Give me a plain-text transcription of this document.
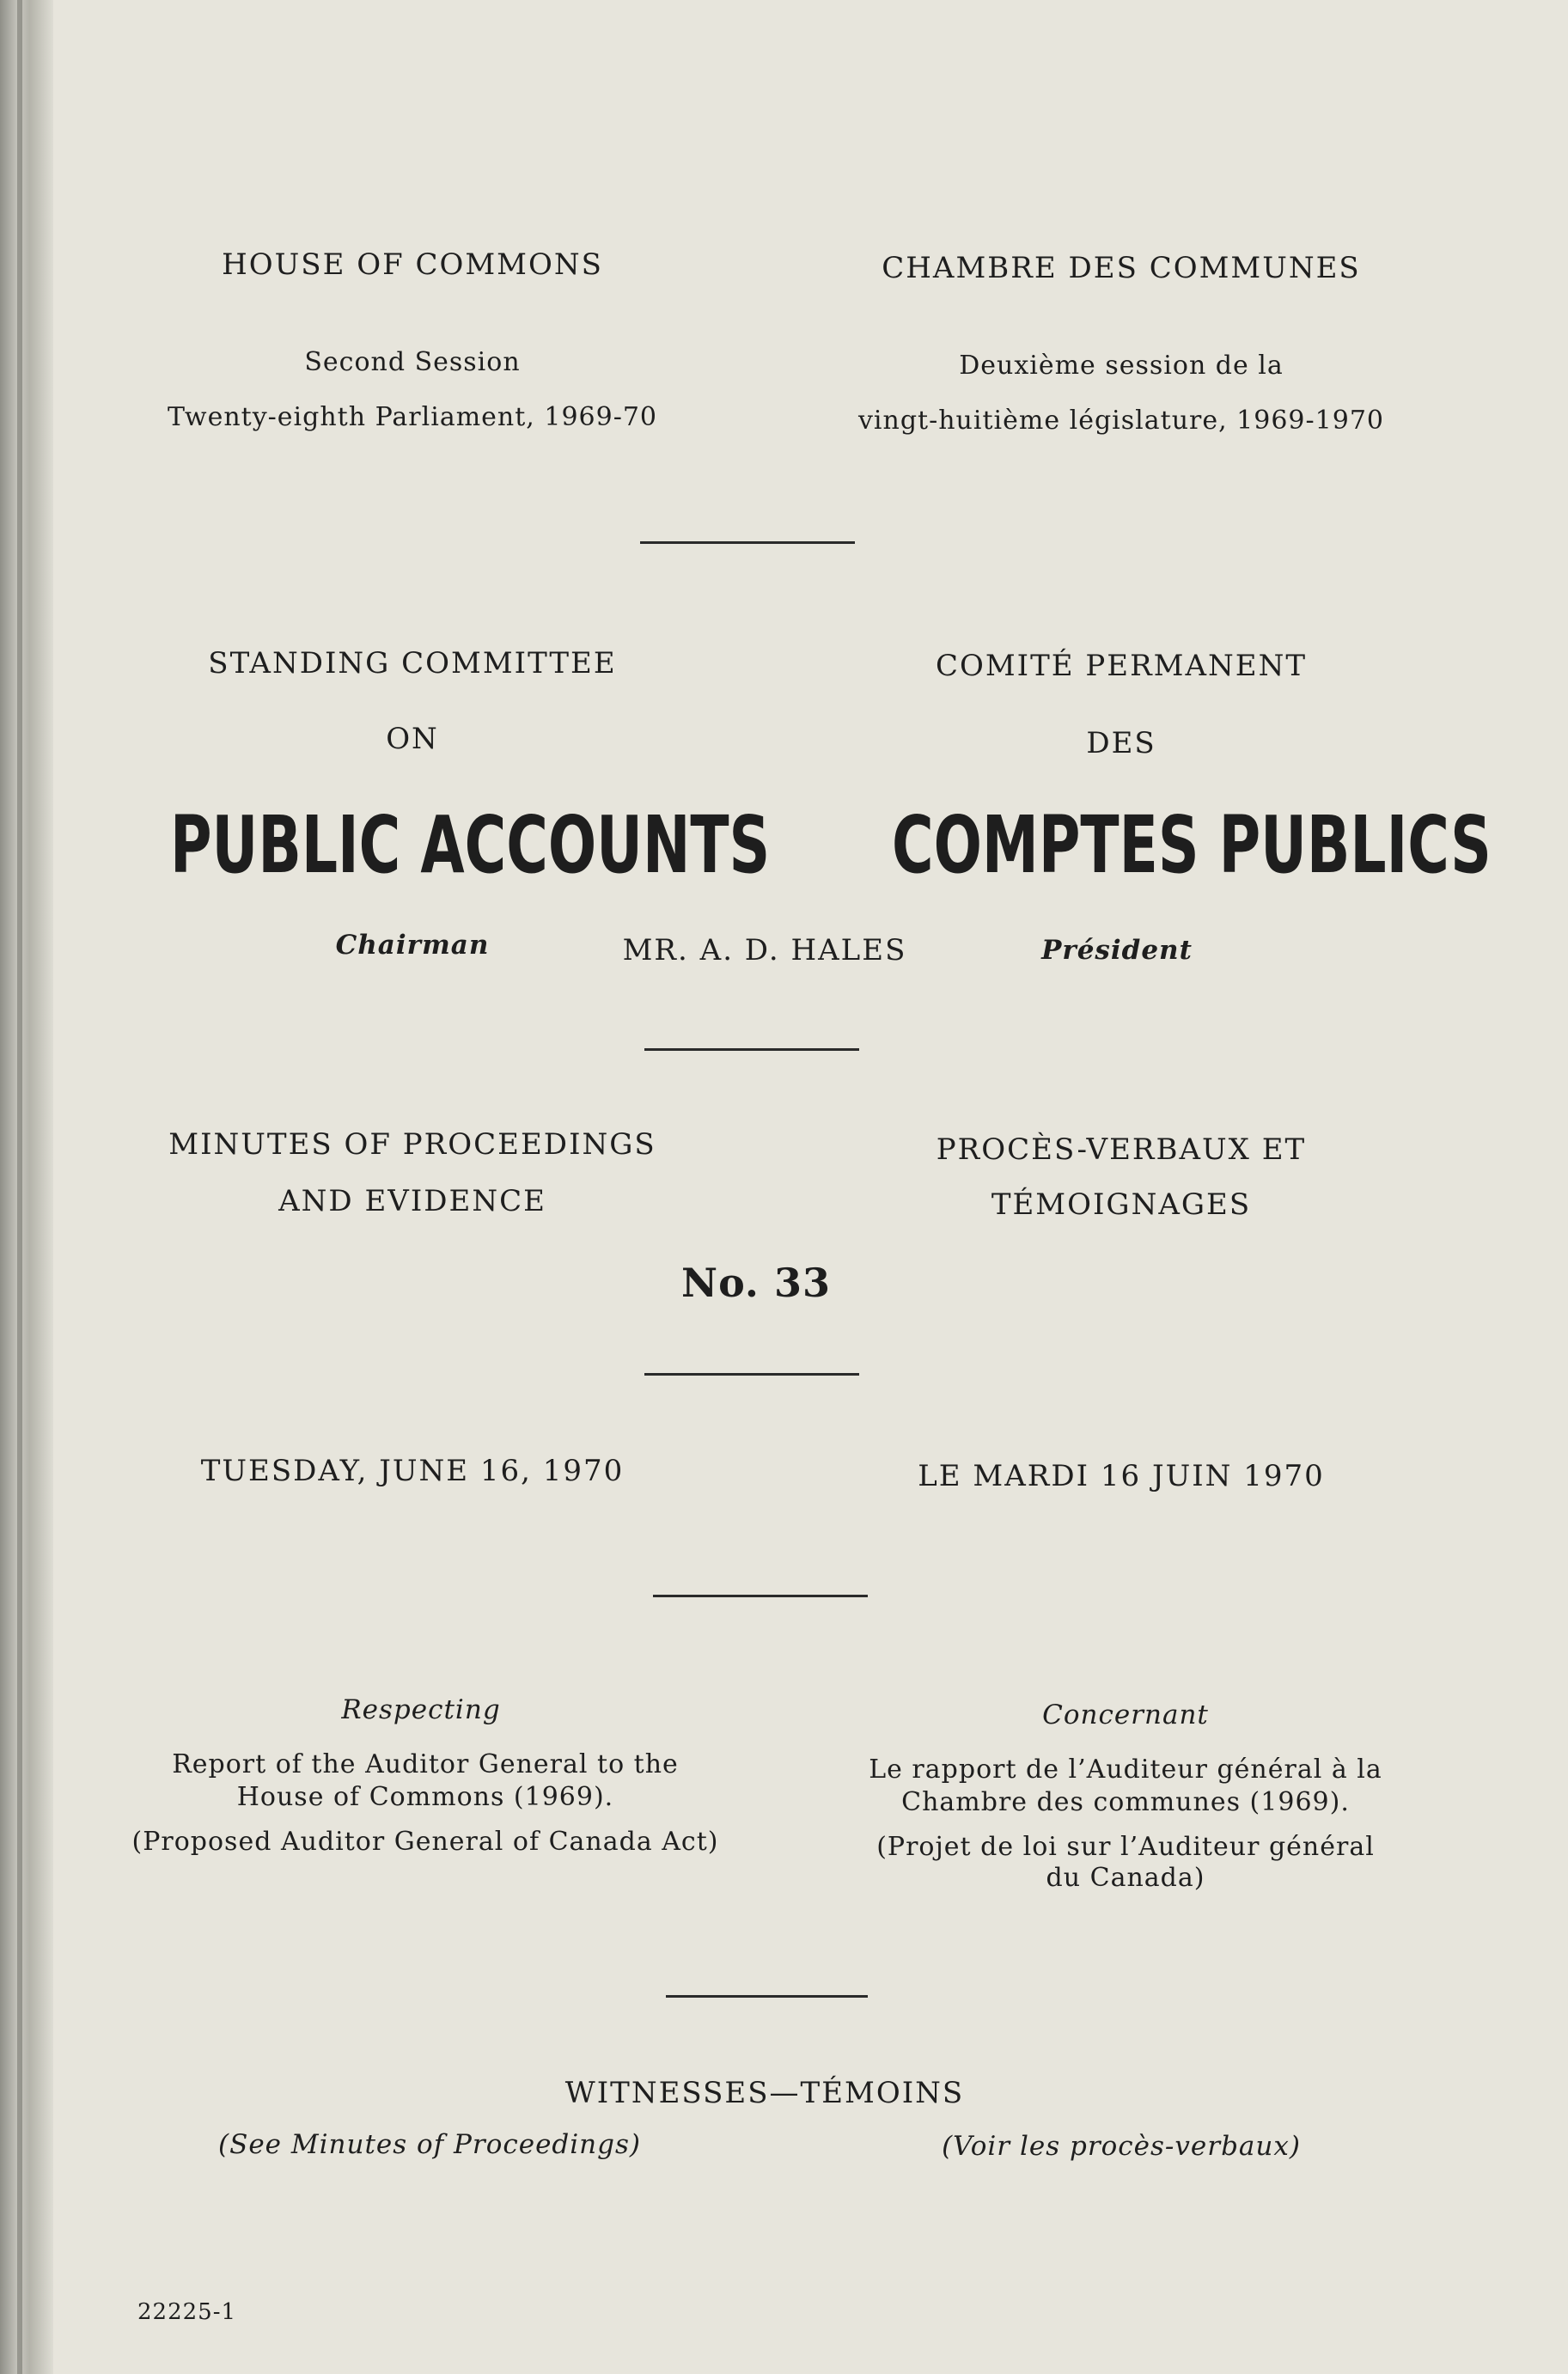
HOUSE OF COMMONS	CHAMBRE DES COMMUNES
Second Session
Twenty-eighth Parliament, 1969-70
Deuxième session de la
vingt-huitième législature, 1969-1970
STANDING COMMITTEE
ON
COMITÉ PERMANENT
DES
PUBLIC ACCOUNTS COMPTES PUBLICS
Chairman	MR. A. D. HALES	Président
MINUTES OF PROCEEDINGS
AND EVIDENCE
PROCÈS-VERBAUX ET
TÉMOIGNAGES
No. 33
TUESDAY, JUNE 16, 1970	LE MARDI 16 JUIN 1970
Respecting
Report of the Auditor General to the
House of Commons (1969).
(Proposed Auditor General of Canada Act)
Concernant
Le rapport de l’Auditeur général à la
Chambre des communes (1969).
(Projet de loi sur l’Auditeur général
du Canada)
WITNESSES—TÉMOINS
(See Minutes of Proceedings)	(Voir les procès-verbaux)
22225-1
